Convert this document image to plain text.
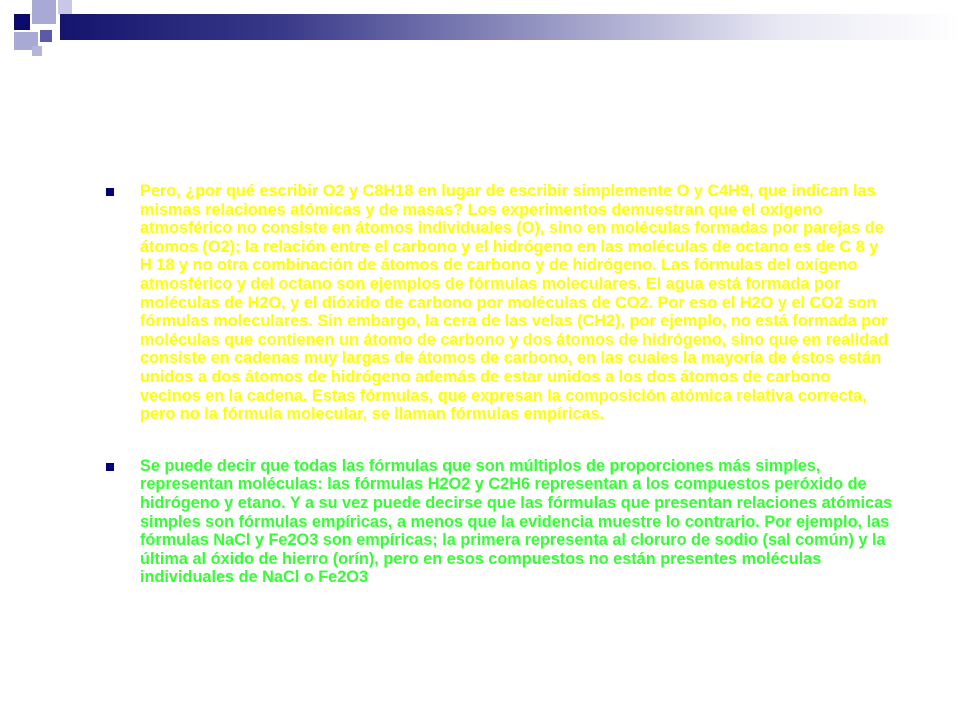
Pero, ¿por qué escribir O2 y C8H18 en lugar de escribir simplemente O y C4H9, que indican las mismas relaciones atómicas y de masas? Los experimentos demuestran que el oxígeno atmosférico no consiste en átomos individuales (O), sino en moléculas formadas por parejas de átomos (O2); la relación entre el carbono y el hidrógeno en las moléculas de octano es de C 8 y H 18 y no otra combinación de átomos de carbono y de hidrógeno. Las fórmulas del oxígeno atmosférico y del octano son ejemplos de fórmulas moleculares. El agua está formada por moléculas de H2O, y el dióxido de carbono por moléculas de CO2. Por eso el H2O y el CO2 son fórmulas moleculares. Sin embargo, la cera de las velas (CH2), por ejemplo, no está formada por moléculas que contienen un átomo de carbono y dos átomos de hidrógeno, sino que en realidad consiste en cadenas muy largas de átomos de carbono, en las cuales la mayoría de éstos están unidos a dos átomos de hidrógeno además de estar unidos a los dos átomos de carbono vecinos en la cadena. Estas fórmulas, que expresan la composición atómica relativa correcta, pero no la fórmula molecular, se llaman fórmulas empíricas.
Se puede decir que todas las fórmulas que son múltiplos de proporciones más simples, representan moléculas: las fórmulas H2O2 y C2H6 representan a los compuestos peróxido de hidrógeno y etano. Y a su vez puede decirse que las fórmulas que presentan relaciones atómicas simples son fórmulas empíricas, a menos que la evidencia muestre lo contrario. Por ejemplo, las fórmulas NaCl y Fe2O3 son empíricas; la primera representa al cloruro de sodio (sal común) y la última al óxido de hierro (orín), pero en esos compuestos no están presentes moléculas individuales de NaCl o Fe2O3
